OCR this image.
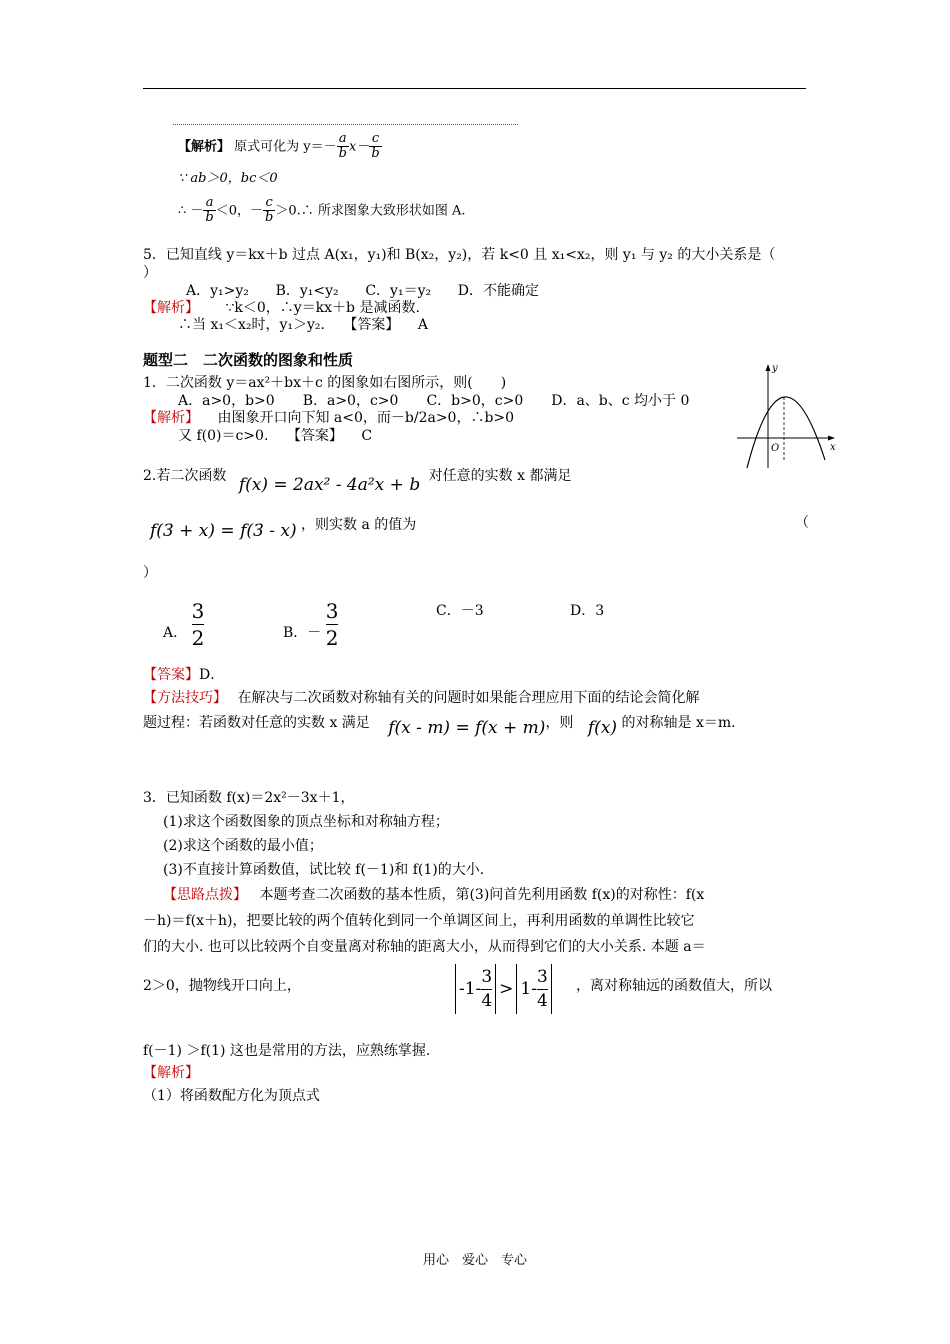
【解析】 原式可化为 $y=- \frac{a}{b} x- \frac{c}{b}$
∵ ab＞0，bc＜0
∴ － $\frac{a}{b} <0$，－ $\frac{c}{b}$ ＞0.∴ 所求图象大致形状如图 A.
5．已知直线 y＝kx＋b 过点 A(x₁，y₁)和 B(x₂，y₂)，若 k<0 且 x₁<x₂，则 y₁ 与 y₂ 的大小关系是（
）
A．y₁>y₂      B．y₁<y₂      C．y₁＝y₂      D．不能确定
【解析】 ∵k＜0，∴y＝kx＋b 是减函数.
∴当 x₁＜x₂时，y₁＞y₂. 【答案】 A
题型二　二次函数的图象和性质
1．二次函数 y＝ax²＋bx＋c 的图象如右图所示，则(　　)
A．a>0，b>0　　B．a>0，c>0　　C．b>0，c>0　　D．a、b、c 均小于 0
【解析】 由图象开口向下知 a<0，而－b/2a>0，∴b>0
又 f(0)＝c>0. 【答案】 C
y
x
O
2.若二次函数 f(x) = 2ax² - 4a²x + b 对任意的实数 x 都满足
f(3 + x) = f(3 - x) ，则实数 a 的值为	（
）
A． $\frac{3}{2}$	B．－ $\frac{3}{2}$	C．－3	D．3
【答案】D．
【方法技巧】 在解决与二次函数对称轴有关的问题时如果能合理应用下面的结论会简化解
题过程：若函数对任意的实数 x 满足 f(x - m) = f(x + m)，则 f(x) 的对称轴是 x＝m.
3．已知函数 f(x)＝2x²－3x＋1，
(1)求这个函数图象的顶点坐标和对称轴方程；
(2)求这个函数的最小值；
(3)不直接计算函数值，试比较 f(－1)和 f(1)的大小.
【思路点拨】 本题考查二次函数的基本性质，第(3)问首先利用函数 f(x)的对称性：f(x
－h)＝f(x＋h)，把要比较的两个值转化到同一个单调区间上，再利用函数的单调性比较它
们的大小. 也可以比较两个自变量离对称轴的距离大小，从而得到它们的大小关系. 本题 a＝
2＞0，抛物线开口向上，	$-1- \frac{3}{4} > 1- \frac{3}{4}$ ，离对称轴远的函数值大，所以
f(－1) ＞f(1) 这也是常用的方法，应熟练掌握.
【解析】
（1）将函数配方化为顶点式
用心　爱心　专心
